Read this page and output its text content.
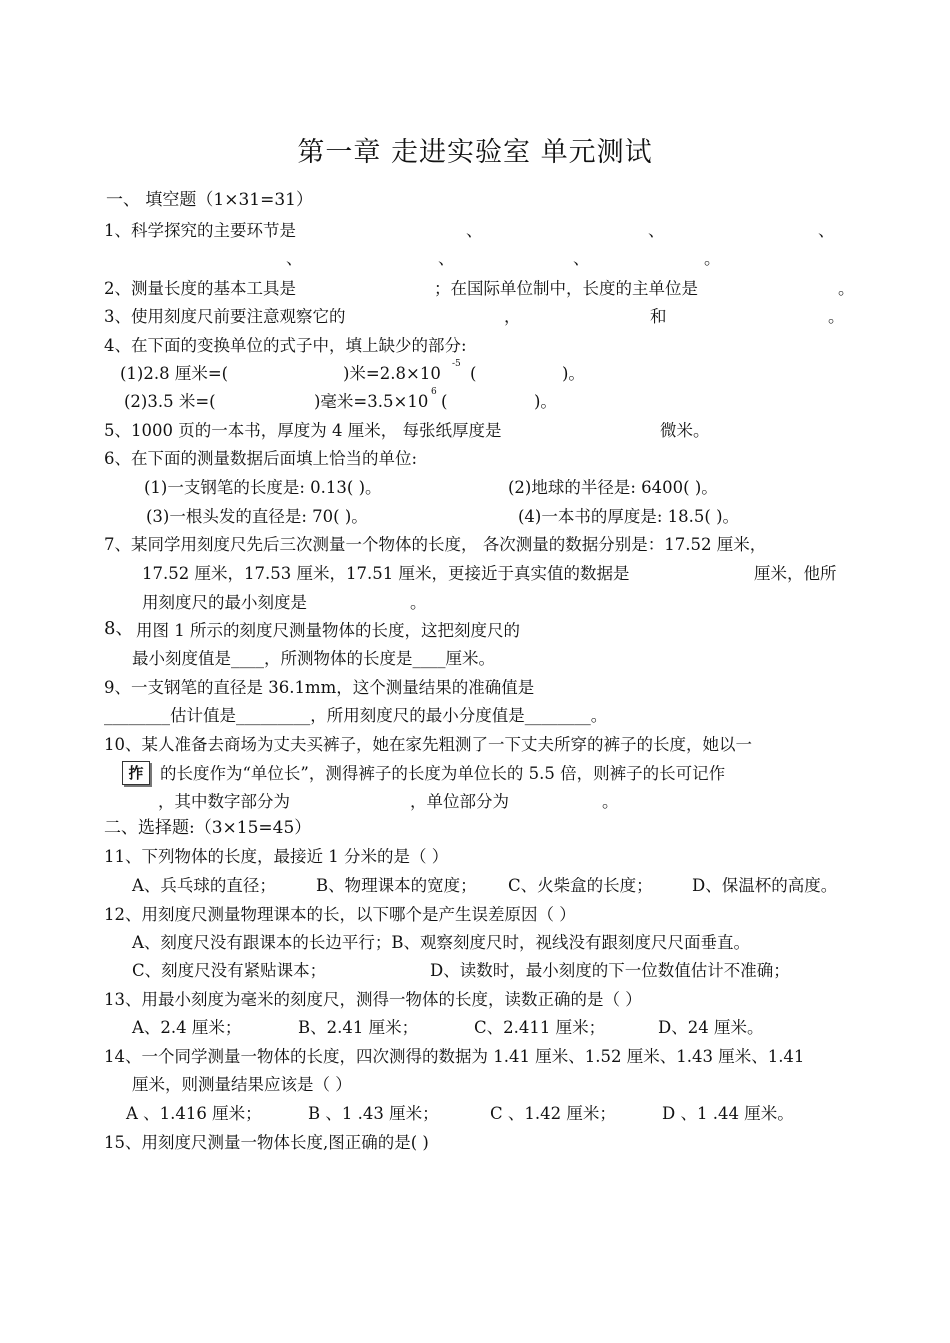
第一章 走进实验室 单元测试
一、 填空题（1×31=31）
1、科学探究的主要环节是	、	、	、
、	、	、	。
2、测量长度的基本工具是	；在国际单位制中，长度的主单位是	。
3、使用刻度尺前要注意观察它的	，	和	。
4、在下面的变换单位的式子中，填上缺少的部分:
(1)2.8 厘米=(	)米=2.8×10 -5 (	)。
(2)3.5 米=(	)毫米=3.5×10 6 (	)。
5、1000 页的一本书，厚度为 4 厘米， 每张纸厚度是	微米。
6、在下面的测量数据后面填上恰当的单位:
(1)一支钢笔的长度是: 0.13( )。	(2)地球的半径是: 6400( )。
(3)一根头发的直径是: 70( )。	(4)一本书的厚度是: 18.5( )。
7、某同学用刻度尺先后三次测量一个物体的长度， 各次测量的数据分别是：17.52 厘米，
17.52 厘米，17.53 厘米，17.51 厘米，更接近于真实值的数据是	厘米，他所
用刻度尺的最小刻度是	。
8、 用图 1 所示的刻度尺测量物体的长度，这把刻度尺的
最小刻度值是____，所测物体的长度是____厘米。
9、一支钢笔的直径是 36.1mm，这个测量结果的准确值是
________估计值是_________，所用刻度尺的最小分度值是________。
10、某人准备去商场为丈夫买裤子，她在家先粗测了一下丈夫所穿的裤子的长度，她以一
拃	的长度作为“单位长”，测得裤子的长度为单位长的 5.5 倍，则裤子的长可记作
，其中数字部分为	，单位部分为	。
二、选择题:（3×15=45）
11、下列物体的长度，最接近 1 分米的是（ ）
A、兵乓球的直径； B、物理课本的宽度； C、火柴盒的长度； D、保温杯的高度。
12、用刻度尺测量物理课本的长，以下哪个是产生误差原因（ ）
A、刻度尺没有跟课本的长边平行；B、观察刻度尺时，视线没有跟刻度尺尺面垂直。
C、刻度尺没有紧贴课本；	D、读数时，最小刻度的下一位数值估计不准确；
13、用最小刻度为毫米的刻度尺，测得一物体的长度，读数正确的是（ ）
A、2.4 厘米；	B、2.41 厘米；	C、2.411 厘米；	D、24 厘米。
14、一个同学测量一物体的长度，四次测得的数据为 1.41 厘米、1.52 厘米、1.43 厘米、1.41
厘米，则测量结果应该是（ ）
A 、1.416 厘米；	B 、1 .43 厘米；	C 、1.42 厘米；	D 、1 .44 厘米。
15、用刻度尺测量一物体长度,图正确的是( )
